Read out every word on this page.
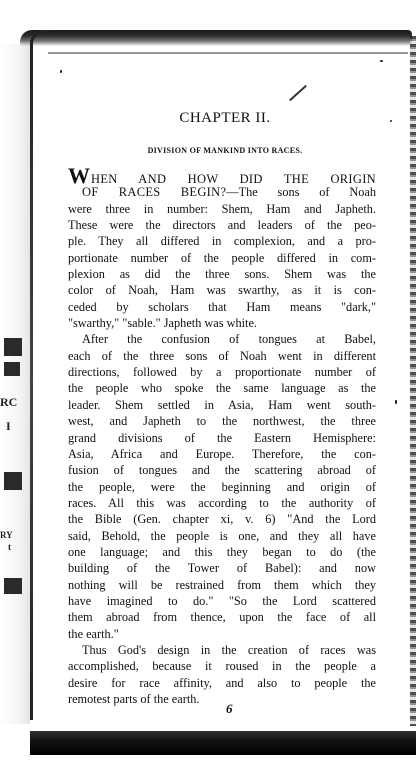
RC
I
RY
t
CHAPTER II.
DIVISION OF MANKIND INTO RACES.
WHEN AND HOW DID THE ORIGIN
OF RACES BEGIN?—The sons of Noah
were three in number: Shem, Ham and Japheth.
These were the directors and leaders of the peo-
ple. They all differed in complexion, and a pro-
portionate number of the people differed in com-
plexion as did the three sons. Shem was the
color of Noah, Ham was swarthy, as it is con-
ceded by scholars that Ham means "dark,"
"swarthy," "sable." Japheth was white.
After the confusion of tongues at Babel,
each of the three sons of Noah went in different
directions, followed by a proportionate number of
the people who spoke the same language as the
leader. Shem settled in Asia, Ham went south-
west, and Japheth to the northwest, the three
grand divisions of the Eastern Hemisphere:
Asia, Africa and Europe. Therefore, the con-
fusion of tongues and the scattering abroad of
the people, were the beginning and origin of
races. All this was according to the authority of
the Bible (Gen. chapter xi, v. 6) "And the Lord
said, Behold, the people is one, and they all have
one language; and this they began to do (the
building of the Tower of Babel): and now
nothing will be restrained from them which they
have imagined to do." "So the Lord scattered
them abroad from thence, upon the face of all
the earth."
Thus God's design in the creation of races was
accomplished, because it roused in the people a
desire for race affinity, and also to people the
remotest parts of the earth.
6
